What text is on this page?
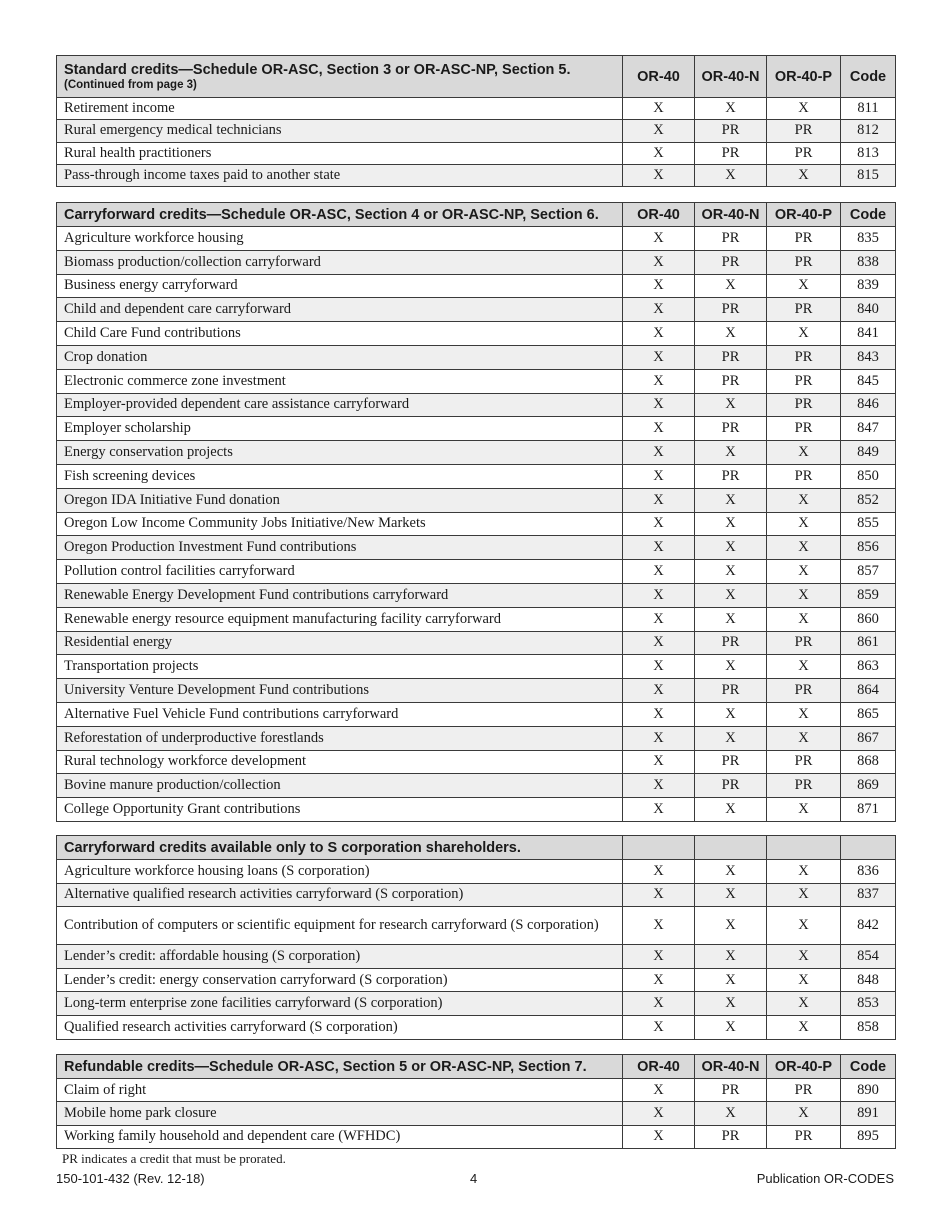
Standard credits—Schedule OR-ASC, Section 3 or OR-ASC-NP, Section 5.
(Continued from page 3)	OR-40	OR-40-N	OR-40-P	Code
Retirement income	X	X	X	811
Rural emergency medical technicians	X	PR	PR	812
Rural health practitioners	X	PR	PR	813
Pass-through income taxes paid to another state	X	X	X	815
Carryforward credits—Schedule OR-ASC, Section 4 or OR-ASC-NP, Section 6.	OR-40	OR-40-N	OR-40-P	Code
Agriculture workforce housing	X	PR	PR	835
Biomass production/collection carryforward	X	PR	PR	838
Business energy carryforward	X	X	X	839
Child and dependent care carryforward	X	PR	PR	840
Child Care Fund contributions	X	X	X	841
Crop donation	X	PR	PR	843
Electronic commerce zone investment	X	PR	PR	845
Employer-provided dependent care assistance carryforward	X	X	PR	846
Employer scholarship	X	PR	PR	847
Energy conservation projects	X	X	X	849
Fish screening devices	X	PR	PR	850
Oregon IDA Initiative Fund donation	X	X	X	852
Oregon Low Income Community Jobs Initiative/New Markets	X	X	X	855
Oregon Production Investment Fund contributions	X	X	X	856
Pollution control facilities carryforward	X	X	X	857
Renewable Energy Development Fund contributions carryforward	X	X	X	859
Renewable energy resource equipment manufacturing facility carryforward	X	X	X	860
Residential energy	X	PR	PR	861
Transportation projects	X	X	X	863
University Venture Development Fund contributions	X	PR	PR	864
Alternative Fuel Vehicle Fund contributions carryforward	X	X	X	865
Reforestation of underproductive forestlands	X	X	X	867
Rural technology workforce development	X	PR	PR	868
Bovine manure production/collection	X	PR	PR	869
College Opportunity Grant contributions	X	X	X	871
Carryforward credits available only to S corporation shareholders.				
Agriculture workforce housing loans (S corporation)	X	X	X	836
Alternative qualified research activities carryforward (S corporation)	X	X	X	837
Contribution of computers or scientific equipment for research carryforward (S corporation)	X	X	X	842
Lender’s credit: affordable housing (S corporation)	X	X	X	854
Lender’s credit: energy conservation carryforward (S corporation)	X	X	X	848
Long-term enterprise zone facilities carryforward (S corporation)	X	X	X	853
Qualified research activities carryforward (S corporation)	X	X	X	858
Refundable credits—Schedule OR-ASC, Section 5 or OR-ASC-NP, Section 7.	OR-40	OR-40-N	OR-40-P	Code
Claim of right	X	PR	PR	890
Mobile home park closure	X	X	X	891
Working family household and dependent care (WFHDC)	X	PR	PR	895
PR indicates a credit that must be prorated.
150-101-432 (Rev. 12-18)	4	Publication OR-CODES
